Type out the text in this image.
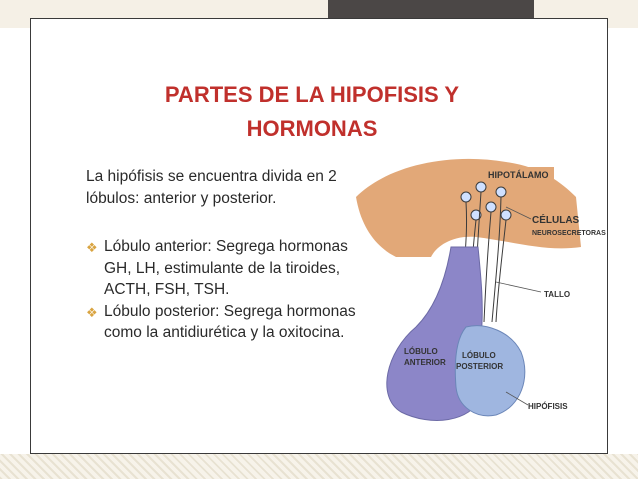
PARTES DE LA HIPOFISIS Y
HORMONAS

La hipófisis se encuentra divida en 2 lóbulos: anterior y posterior.

❖ Lóbulo anterior: Segrega hormonas GH, LH, estimulante de la tiroides, ACTH, FSH, TSH.
❖ Lóbulo posterior: Segrega hormonas como la antidiurética y la oxitocina.
HIPOTÁLAMO
CÉLULAS
NEUROSECRETORAS
TALLO
LÓBULO
ANTERIOR
LÓBULO
POSTERIOR
HIPÓFISIS
